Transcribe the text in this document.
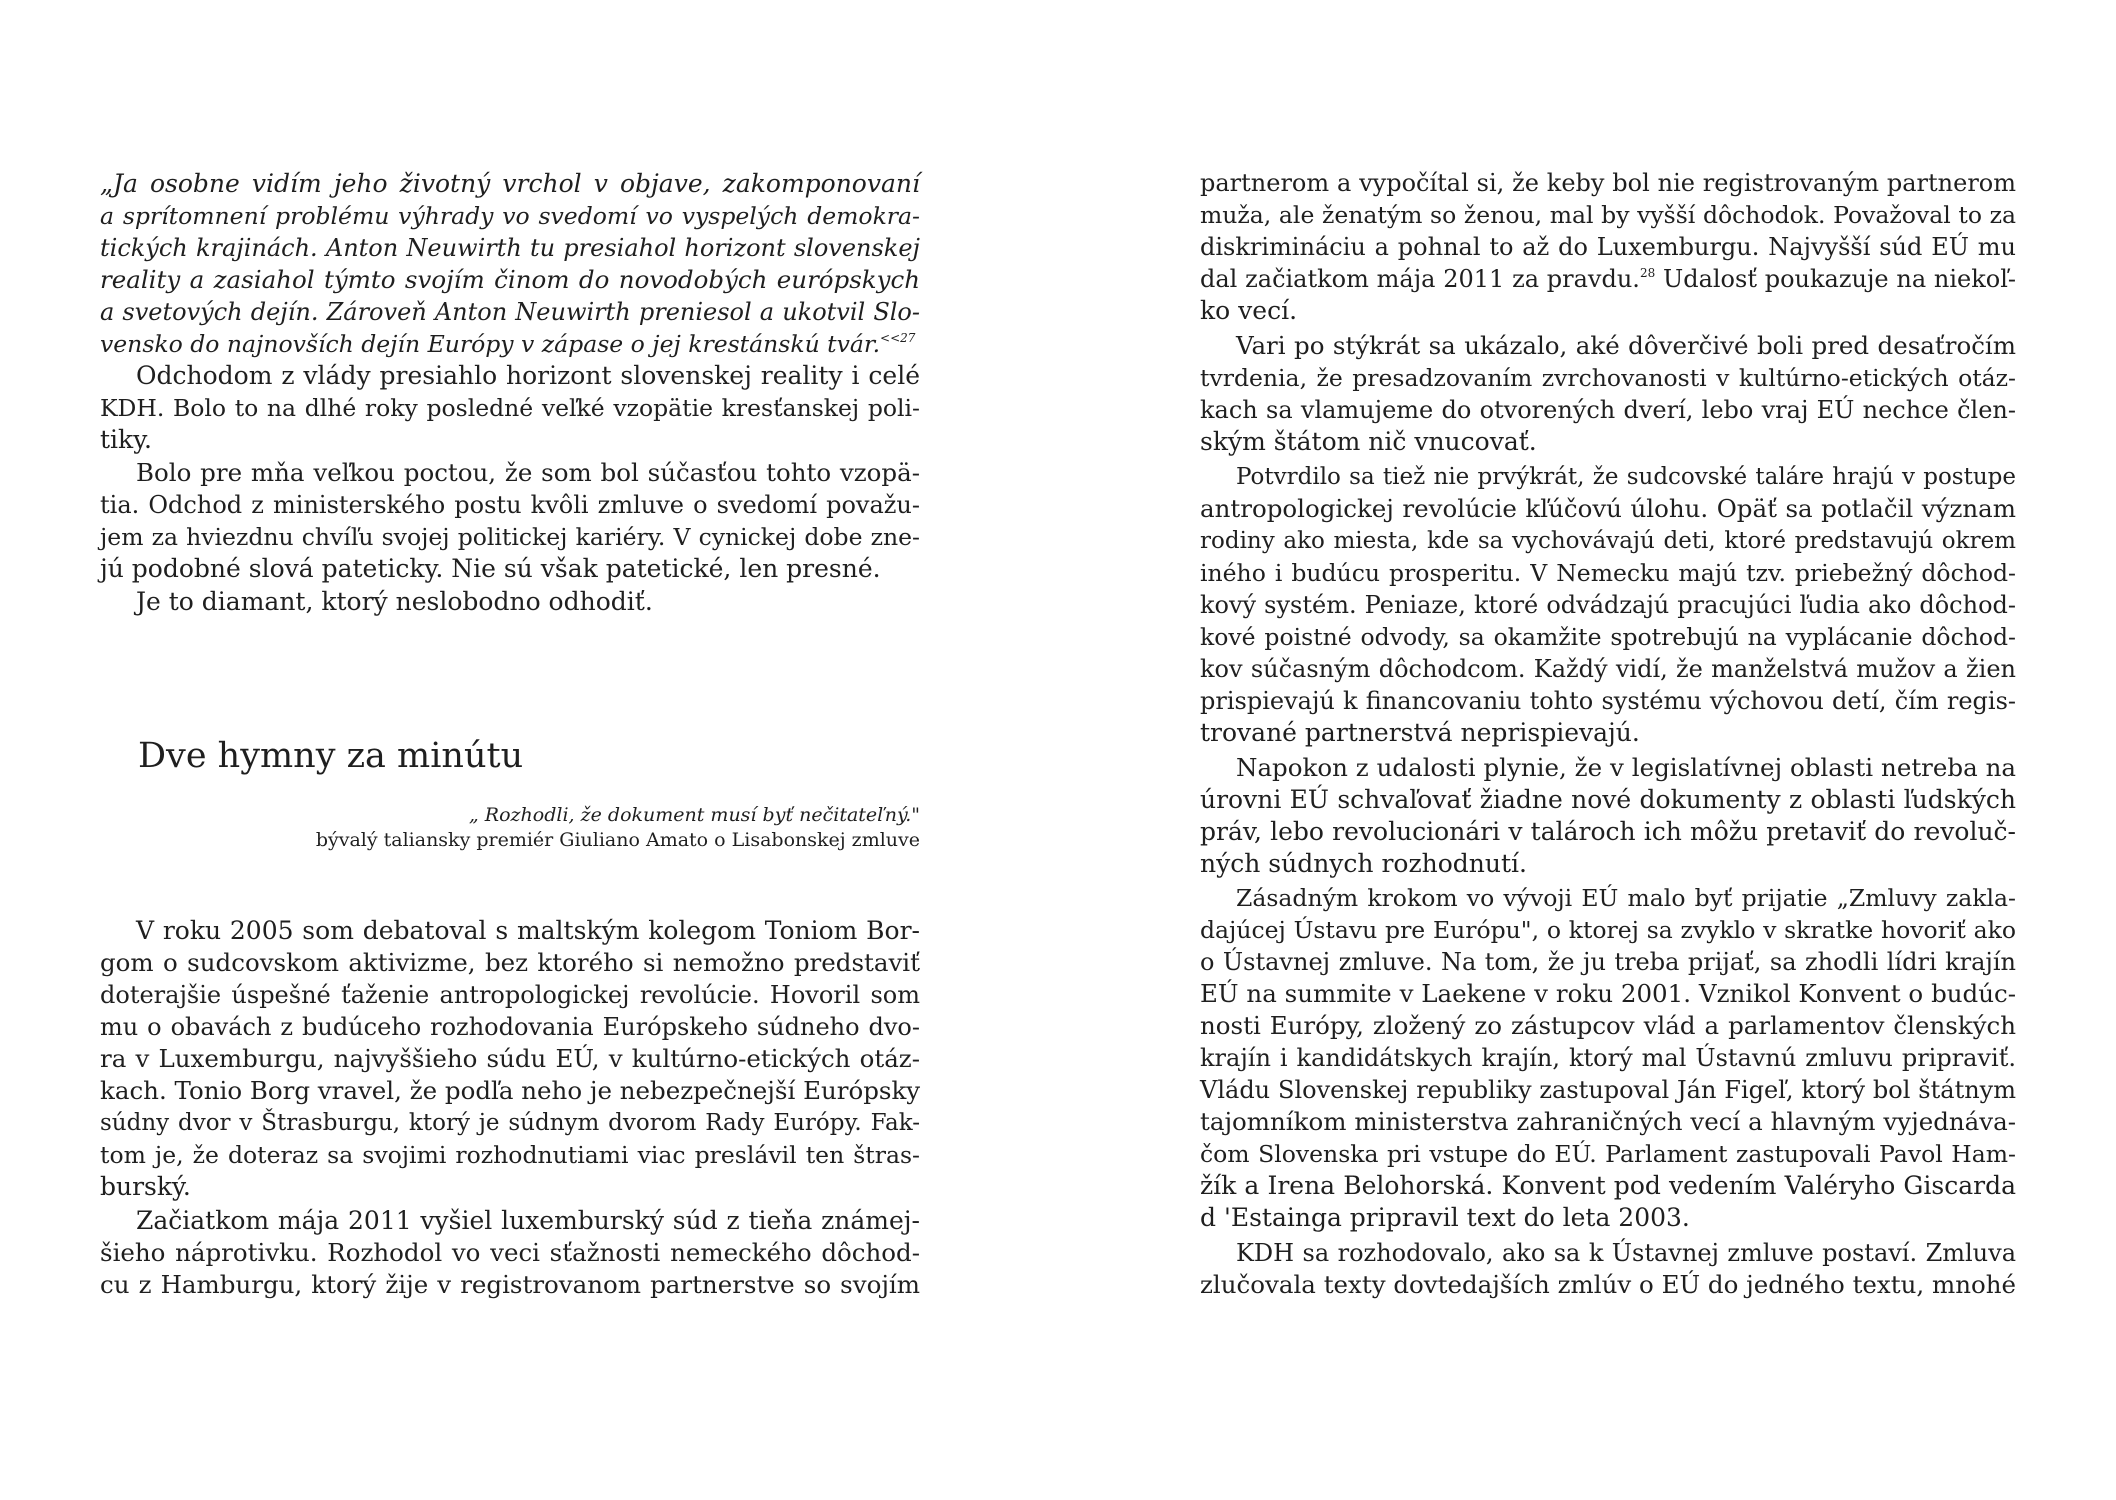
„Ja osobne vidím jeho životný vrchol v objave, zakomponovaní
a sprítomnení problému výhrady vo svedomí vo vyspelých demokra-
tických krajinách. Anton Neuwirth tu presiahol horizont slovenskej
reality a zasiahol týmto svojím činom do novodobých európskych
a svetových dejín. Zároveň Anton Neuwirth preniesol a ukotvil Slo-
vensko do najnovších dejín Európy v zápase o jej krestánskú tvár.$^{<<27}$
Odchodom z vlády presiahlo horizont slovenskej reality i celé
KDH. Bolo to na dlhé roky posledné veľké vzopätie kresťanskej poli-
tiky.
Bolo pre mňa veľkou poctou, že som bol súčasťou tohto vzopä-
tia. Odchod z ministerského postu kvôli zmluve o svedomí považu-
jem za hviezdnu chvíľu svojej politickej kariéry. V cynickej dobe zne-
jú podobné slová pateticky. Nie sú však patetické, len presné.
Je to diamant, ktorý neslobodno odhodiť.
Dve hymny za minútu
„ Rozhodli, že dokument musí byť nečitateľný."
bývalý taliansky premiér Giuliano Amato o Lisabonskej zmluve
V roku 2005 som debatoval s maltským kolegom Toniom Bor-
gom o sudcovskom aktivizme, bez ktorého si nemožno predstaviť
doterajšie úspešné ťaženie antropologickej revolúcie. Hovoril som
mu o obavách z budúceho rozhodovania Európskeho súdneho dvo-
ra v Luxemburgu, najvyššieho súdu EÚ, v kultúrno-etických otáz-
kach. Tonio Borg vravel, že podľa neho je nebezpečnejší Európsky
súdny dvor v Štrasburgu, ktorý je súdnym dvorom Rady Európy. Fak-
tom je, že doteraz sa svojimi rozhodnutiami viac preslávil ten štras-
burský.
Začiatkom mája 2011 vyšiel luxemburský súd z tieňa známej-
šieho náprotivku. Rozhodol vo veci sťažnosti nemeckého dôchod-
cu z Hamburgu, ktorý žije v registrovanom partnerstve so svojím
partnerom a vypočítal si, že keby bol nie registrovaným partnerom
muža, ale ženatým so ženou, mal by vyšší dôchodok. Považoval to za
diskrimináciu a pohnal to až do Luxemburgu. Najvyšší súd EÚ mu
dal začiatkom mája 2011 za pravdu.$^{28}$ Udalosť poukazuje na niekoľ-
ko vecí.
Vari po stýkrát sa ukázalo, aké dôverčivé boli pred desaťročím
tvrdenia, že presadzovaním zvrchovanosti v kultúrno-etických otáz-
kach sa vlamujeme do otvorených dverí, lebo vraj EÚ nechce člen-
ským štátom nič vnucovať.
Potvrdilo sa tiež nie prvýkrát, že sudcovské taláre hrajú v postupe
antropologickej revolúcie kľúčovú úlohu. Opäť sa potlačil význam
rodiny ako miesta, kde sa vychovávajú deti, ktoré predstavujú okrem
iného i budúcu prosperitu. V Nemecku majú tzv. priebežný dôchod-
kový systém. Peniaze, ktoré odvádzajú pracujúci ľudia ako dôchod-
kové poistné odvody, sa okamžite spotrebujú na vyplácanie dôchod-
kov súčasným dôchodcom. Každý vidí, že manželstvá mužov a žien
prispievajú k financovaniu tohto systému výchovou detí, čím regis-
trované partnerstvá neprispievajú.
Napokon z udalosti plynie, že v legislatívnej oblasti netreba na
úrovni EÚ schvaľovať žiadne nové dokumenty z oblasti ľudských
práv, lebo revolucionári v talároch ich môžu pretaviť do revoluč-
ných súdnych rozhodnutí.
Zásadným krokom vo vývoji EÚ malo byť prijatie „Zmluvy zakla-
dajúcej Ústavu pre Európu", o ktorej sa zvyklo v skratke hovoriť ako
o Ústavnej zmluve. Na tom, že ju treba prijať, sa zhodli lídri krajín
EÚ na summite v Laekene v roku 2001. Vznikol Konvent o budúc-
nosti Európy, zložený zo zástupcov vlád a parlamentov členských
krajín i kandidátskych krajín, ktorý mal Ústavnú zmluvu pripraviť.
Vládu Slovenskej republiky zastupoval Ján Figeľ, ktorý bol štátnym
tajomníkom ministerstva zahraničných vecí a hlavným vyjednáva-
čom Slovenska pri vstupe do EÚ. Parlament zastupovali Pavol Ham-
žík a Irena Belohorská. Konvent pod vedením Valéryho Giscarda
d 'Estainga pripravil text do leta 2003.
KDH sa rozhodovalo, ako sa k Ústavnej zmluve postaví. Zmluva
zlučovala texty dovtedajších zmlúv o EÚ do jedného textu, mnohé
